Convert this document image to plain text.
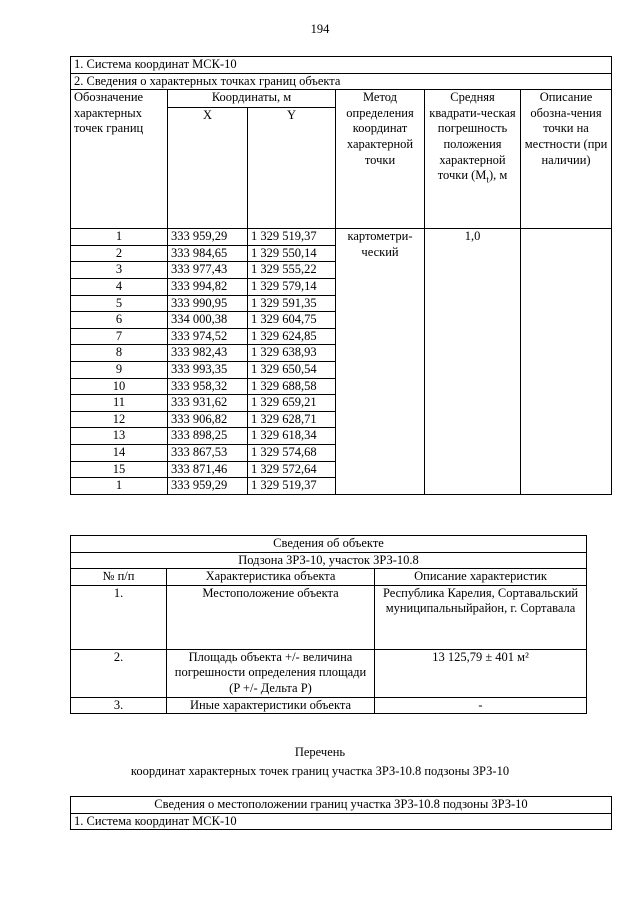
194
1. Система координат МСК-10					
2. Сведения о характерных точках границ объекта					
Обозначение характерных точек границ	Координаты, м		Метод определения координат характерной точки	Средняя квадрати-ческая погрешность положения характерной точки $(M_t)$, м	Описание обозна-чения точки на местности (при наличии)
	X	Y			
1	333 959,29	1 329 519,37	картометри-ческий	1,0	
2	333 984,65	1 329 550,14			
3	333 977,43	1 329 555,22			
4	333 994,82	1 329 579,14			
5	333 990,95	1 329 591,35			
6	334 000,38	1 329 604,75			
7	333 974,52	1 329 624,85			
8	333 982,43	1 329 638,93			
9	333 993,35	1 329 650,54			
10	333 958,32	1 329 688,58			
11	333 931,62	1 329 659,21			
12	333 906,82	1 329 628,71			
13	333 898,25	1 329 618,34			
14	333 867,53	1 329 574,68			
15	333 871,46	1 329 572,64			
1	333 959,29	1 329 519,37			
Сведения об объекте		
Подзона ЗРЗ-10, участок ЗРЗ-10.8		
№ п/п	Характеристика объекта	Описание характеристик
1.	Местоположение объекта	Республика Карелия, Сортавальский муниципальныйрайон, г. Сортавала
2.	Площадь объекта +/- величина погрешности определения площади (P +/- Дельта P)	13 125,79 ± 401 м²
3.	Иные характеристики объекта	-
Перечень
координат характерных точек границ участка ЗРЗ-10.8 подзоны ЗРЗ-10
Сведения о местоположении границ участка ЗРЗ-10.8 подзоны ЗРЗ-10
1. Система координат МСК-10
